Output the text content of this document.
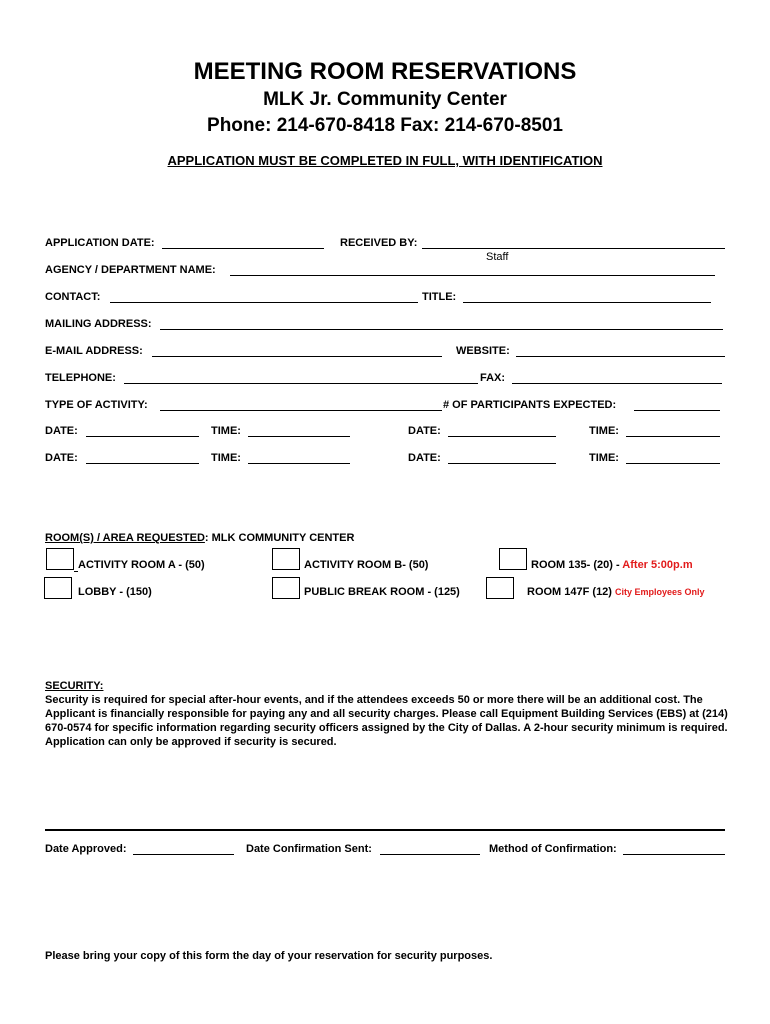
MEETING ROOM RESERVATIONS
MLK Jr. Community Center
Phone: 214-670-8418 Fax: 214-670-8501
APPLICATION MUST BE COMPLETED IN FULL, WITH IDENTIFICATION
APPLICATION DATE:	RECEIVED BY:
Staff
AGENCY / DEPARTMENT NAME:
CONTACT:	TITLE:
MAILING ADDRESS:
E-MAIL ADDRESS:	WEBSITE:
TELEPHONE:	FAX:
TYPE OF ACTIVITY:	# OF PARTICIPANTS EXPECTED:
DATE:	TIME:	DATE:	TIME:
DATE:	TIME:	DATE:	TIME:
ROOM(S) / AREA REQUESTED: MLK COMMUNITY CENTER
ACTIVITY ROOM A - (50)	ACTIVITY ROOM B- (50)	ROOM 135- (20) - After 5:00p.m
LOBBY - (150)	PUBLIC BREAK ROOM - (125)	ROOM 147F (12) City Employees Only
SECURITY:
Security is required for special after-hour events, and if the attendees exceeds 50 or more there will be an additional cost. The Applicant is financially responsible for paying any and all security charges. Please call Equipment Building Services (EBS) at (214) 670-0574 for specific information regarding security officers assigned by the City of Dallas. A 2-hour security minimum is required. Application can only be approved if security is secured.
Date Approved:	Date Confirmation Sent:	Method of Confirmation:
Please bring your copy of this form the day of your reservation for security purposes.
